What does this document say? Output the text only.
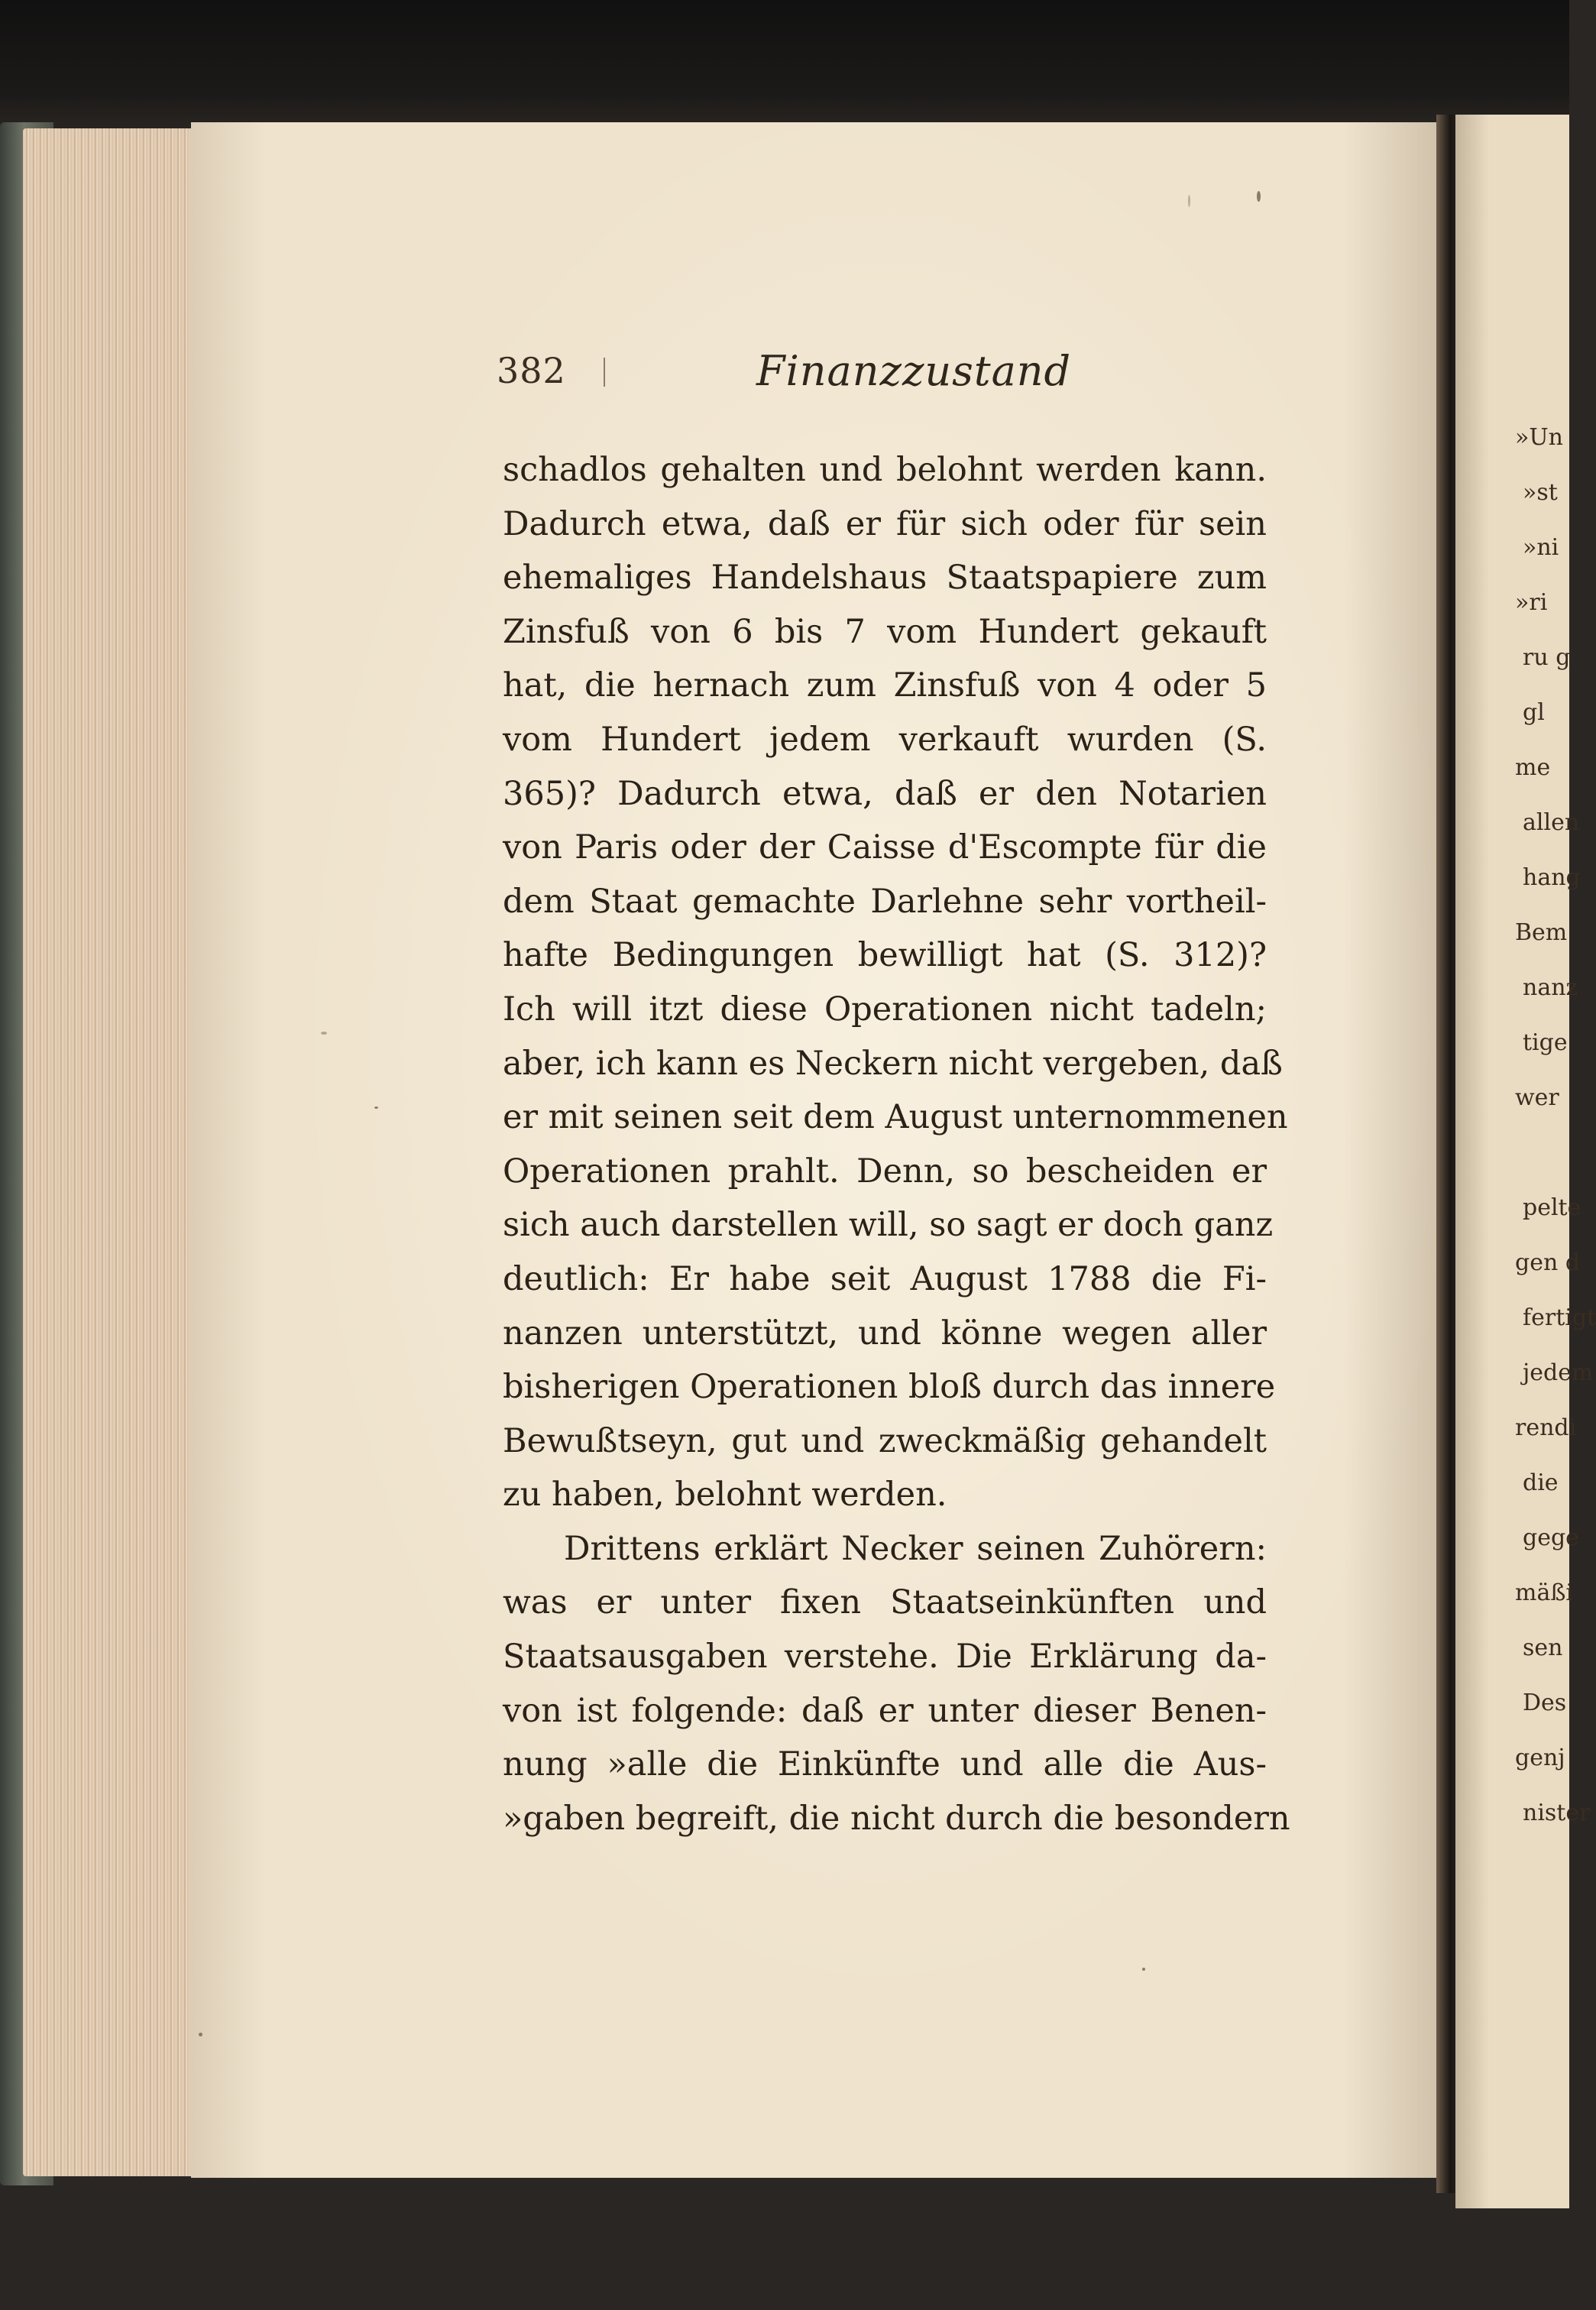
»Un
»st
»ni
»ri
ru g
gl
me
allen
hang
Bem
nanz
tige
wer
pelte
gen d
fertigt
jedem
rendi
die
gege
mäßi
sen
Des
genj
nister
382	Finanzzustand
schadlos gehalten und belohnt werden kann.
Dadurch etwa, daß er für sich oder für sein
ehemaliges Handelshaus Staatspapiere zum
Zinsfuß von 6 bis 7 vom Hundert gekauft
hat, die hernach zum Zinsfuß von 4 oder 5
vom Hundert jedem verkauft wurden (S.
365)? Dadurch etwa, daß er den Notarien
von Paris oder der Caisse d'Escompte für die
dem Staat gemachte Darlehne sehr vortheil-
hafte Bedingungen bewilligt hat (S. 312)?
Ich will itzt diese Operationen nicht tadeln;
aber, ich kann es Neckern nicht vergeben, daß
er mit seinen seit dem August unternommenen
Operationen prahlt. Denn, so bescheiden er
sich auch darstellen will, so sagt er doch ganz
deutlich: Er habe seit August 1788 die Fi-
nanzen unterstützt, und könne wegen aller
bisherigen Operationen bloß durch das innere
Bewußtseyn, gut und zweckmäßig gehandelt
zu haben, belohnt werden.
Drittens erklärt Necker seinen Zuhörern:
was er unter fixen Staatseinkünften und
Staatsausgaben verstehe. Die Erklärung da-
von ist folgende: daß er unter dieser Benen-
nung »alle die Einkünfte und alle die Aus-
»gaben begreift, die nicht durch die besondern
